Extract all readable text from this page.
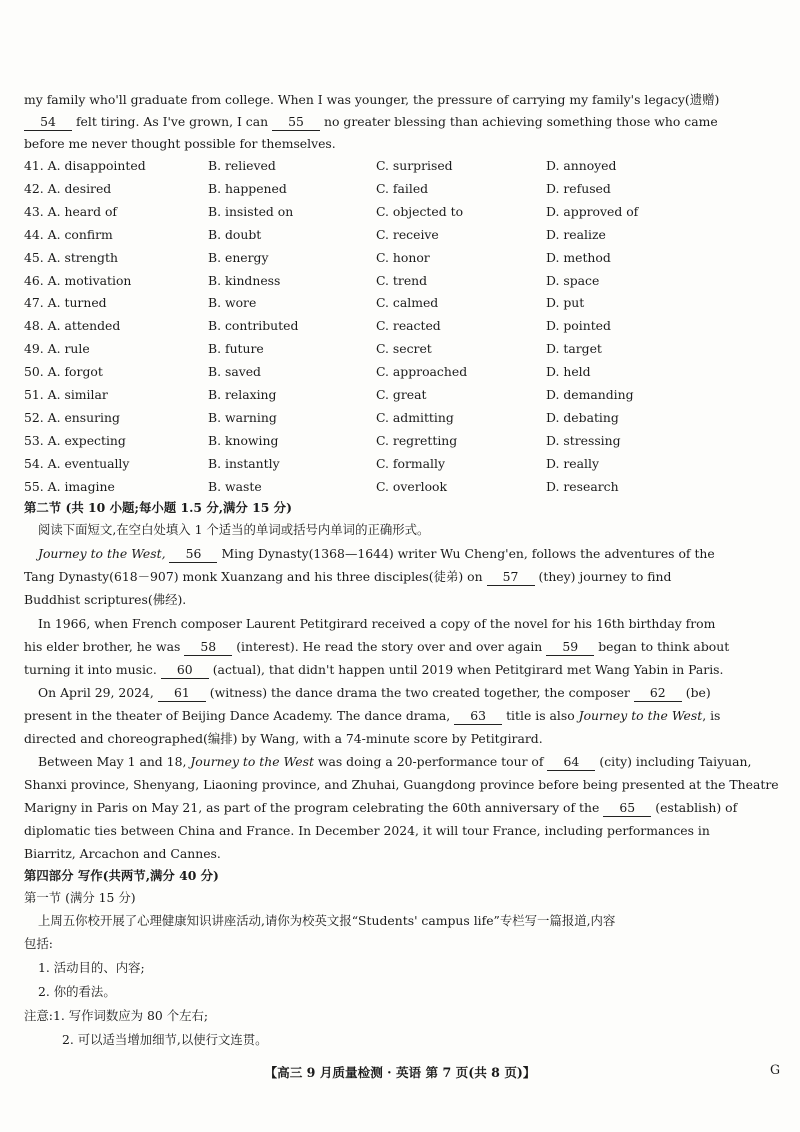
my family who'll graduate from college. When I was younger, the pressure of carrying my family's legacy(遗赠)
54 felt tiring. As I've grown, I can 55 no greater blessing than achieving something those who came
before me never thought possible for themselves.
41. A. disappointed	B. relieved	C. surprised	D. annoyed
42. A. desired	B. happened	C. failed	D. refused
43. A. heard of	B. insisted on	C. objected to	D. approved of
44. A. confirm	B. doubt	C. receive	D. realize
45. A. strength	B. energy	C. honor	D. method
46. A. motivation	B. kindness	C. trend	D. space
47. A. turned	B. wore	C. calmed	D. put
48. A. attended	B. contributed	C. reacted	D. pointed
49. A. rule	B. future	C. secret	D. target
50. A. forgot	B. saved	C. approached	D. held
51. A. similar	B. relaxing	C. great	D. demanding
52. A. ensuring	B. warning	C. admitting	D. debating
53. A. expecting	B. knowing	C. regretting	D. stressing
54. A. eventually	B. instantly	C. formally	D. really
55. A. imagine	B. waste	C. overlook	D. research
第二节 (共 10 小题;每小题 1.5 分,满分 15 分)
阅读下面短文,在空白处填入 1 个适当的单词或括号内单词的正确形式。
Journey to the West, 56 Ming Dynasty(1368—1644) writer Wu Cheng'en, follows the adventures of the
Tang Dynasty(618－907) monk Xuanzang and his three disciples(徒弟) on 57 (they) journey to find
Buddhist scriptures(佛经).
In 1966, when French composer Laurent Petitgirard received a copy of the novel for his 16th birthday from
his elder brother, he was 58 (interest). He read the story over and over again 59 began to think about
turning it into music. 60 (actual), that didn't happen until 2019 when Petitgirard met Wang Yabin in Paris.
On April 29, 2024, 61 (witness) the dance drama the two created together, the composer 62 (be)
present in the theater of Beijing Dance Academy. The dance drama, 63 title is also Journey to the West, is
directed and choreographed(编排) by Wang, with a 74-minute score by Petitgirard.
Between May 1 and 18, Journey to the West was doing a 20-performance tour of 64 (city) including Taiyuan,
Shanxi province, Shenyang, Liaoning province, and Zhuhai, Guangdong province before being presented at the Theatre
Marigny in Paris on May 21, as part of the program celebrating the 60th anniversary of the 65 (establish) of
diplomatic ties between China and France. In December 2024, it will tour France, including performances in
Biarritz, Arcachon and Cannes.
第四部分 写作(共两节,满分 40 分)
第一节 (满分 15 分)
上周五你校开展了心理健康知识讲座活动,请你为校英文报“Students' campus life”专栏写一篇报道,内容
包括:
1. 活动目的、内容;
2. 你的看法。
注意:1. 写作词数应为 80 个左右;
2. 可以适当增加细节,以使行文连贯。
【高三 9 月质量检测 · 英语 第 7 页(共 8 页)】	G
